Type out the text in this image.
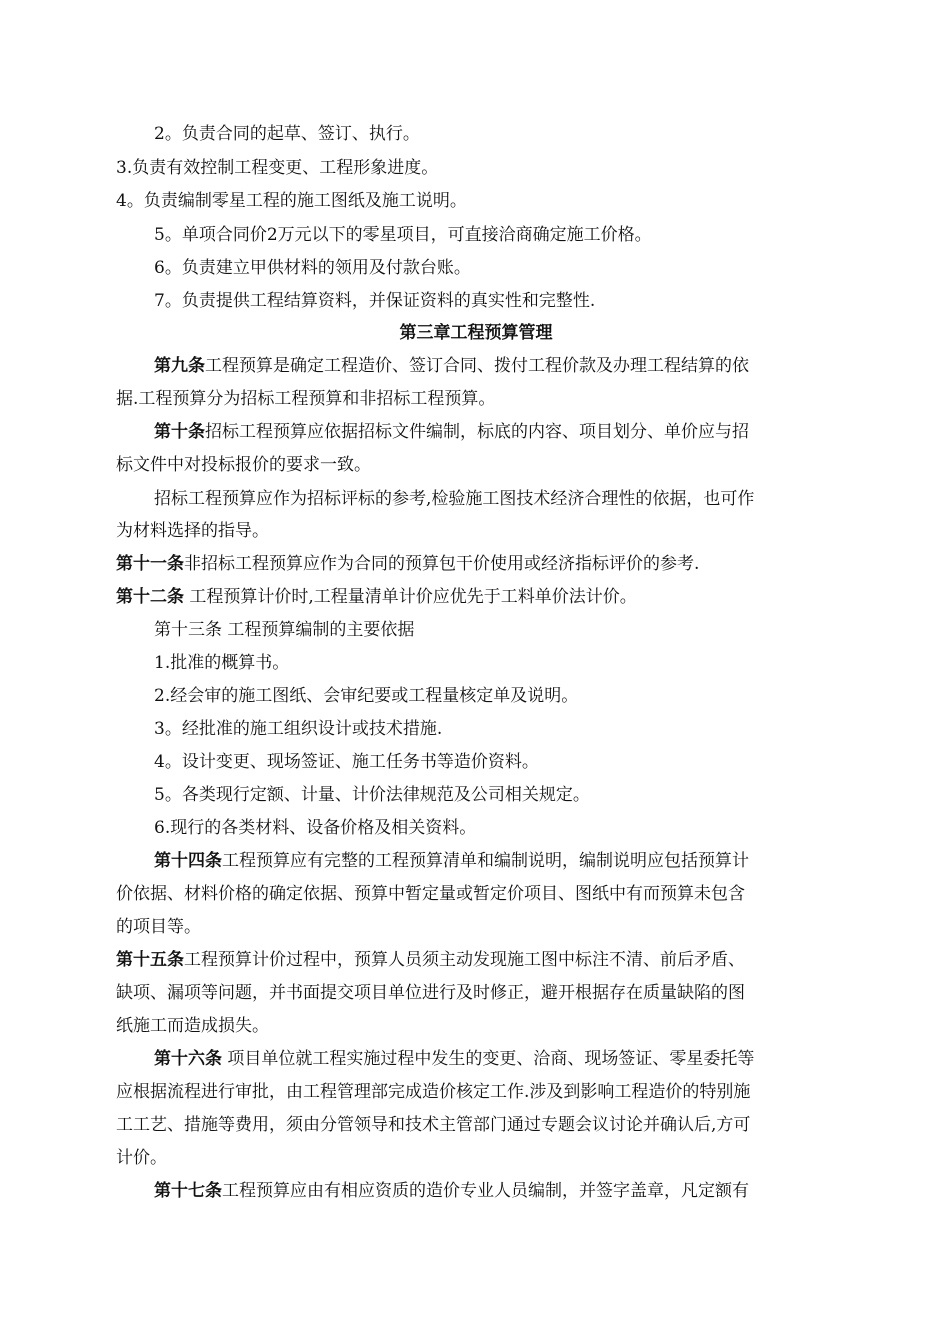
2。负责合同的起草、签订、执行。
3.负责有效控制工程变更、工程形象进度。
4。负责编制零星工程的施工图纸及施工说明。
5。单项合同价2万元以下的零星项目，可直接洽商确定施工价格。
6。负责建立甲供材料的领用及付款台账。
7。负责提供工程结算资料，并保证资料的真实性和完整性.
第三章工程预算管理
第九条工程预算是确定工程造价、签订合同、拨付工程价款及办理工程结算的依
据.工程预算分为招标工程预算和非招标工程预算。
第十条招标工程预算应依据招标文件编制，标底的内容、项目划分、单价应与招
标文件中对投标报价的要求一致。
招标工程预算应作为招标评标的参考,检验施工图技术经济合理性的依据，也可作
为材料选择的指导。
第十一条非招标工程预算应作为合同的预算包干价使用或经济指标评价的参考.
第十二条 工程预算计价时,工程量清单计价应优先于工料单价法计价。
第十三条 工程预算编制的主要依据
1.批准的概算书。
2.经会审的施工图纸、会审纪要或工程量核定单及说明。
3。经批准的施工组织设计或技术措施.
4。设计变更、现场签证、施工任务书等造价资料。
5。各类现行定额、计量、计价法律规范及公司相关规定。
6.现行的各类材料、设备价格及相关资料。
第十四条工程预算应有完整的工程预算清单和编制说明，编制说明应包括预算计
价依据、材料价格的确定依据、预算中暂定量或暂定价项目、图纸中有而预算未包含
的项目等。
第十五条工程预算计价过程中，预算人员须主动发现施工图中标注不清、前后矛盾、
缺项、漏项等问题，并书面提交项目单位进行及时修正，避开根据存在质量缺陷的图
纸施工而造成损失。
第十六条 项目单位就工程实施过程中发生的变更、洽商、现场签证、零星委托等
应根据流程进行审批，由工程管理部完成造价核定工作.涉及到影响工程造价的特别施
工工艺、措施等费用，须由分管领导和技术主管部门通过专题会议讨论并确认后,方可
计价。
第十七条工程预算应由有相应资质的造价专业人员编制，并签字盖章，凡定额有
